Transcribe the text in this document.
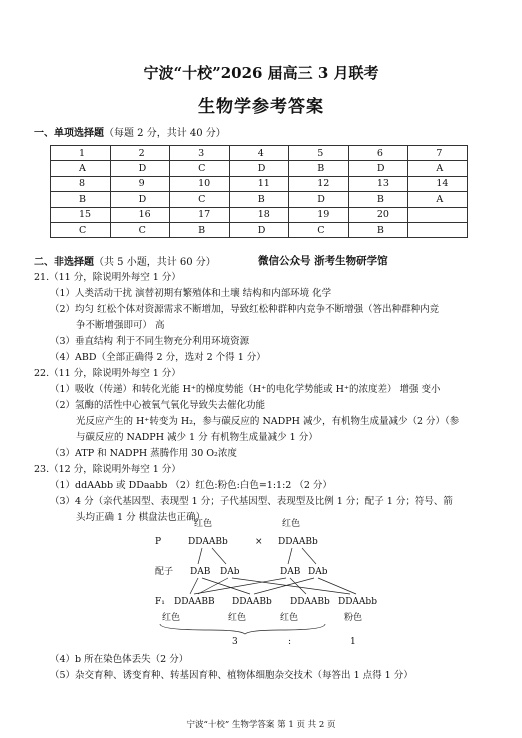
宁波“十校”2026 届高三 3 月联考
生物学参考答案
一、单项选择题（每题 2 分，共计 40 分）
1	2	3	4	5	6	7
A	D	C	D	B	D	A
8	9	10	11	12	13	14
B	D	C	B	D	B	A
15	16	17	18	19	20	
C	C	B	D	C	B	
二、非选择题（共 5 小题，共计 60 分）	微信公众号 浙考生物研学馆
21.（11 分，除说明外每空 1 分）
（1）人类活动干扰 演替初期有繁殖体和土壤 结构和内部环境 化学
（2）均匀 红松个体对资源需求不断增加，导致红松种群种内竞争不断增强（答出种群种内竞
争不断增强即可） 高
（3）垂直结构 利于不同生物充分利用环境资源
（4）ABD（全部正确得 2 分，选对 2 个得 1 分）
22.（11 分，除说明外每空 1 分）
（1）吸收（传递）和转化光能 H⁺的梯度势能（H⁺的电化学势能或 H⁺的浓度差） 增强 变小
（2）氢酶的活性中心被氧气氧化导致失去催化功能
光反应产生的 H⁺转变为 H₂，参与碳反应的 NADPH 减少，有机物生成量减少（2 分）（参
与碳反应的 NADPH 减少 1 分 有机物生成量减少 1 分）
（3）ATP 和 NADPH 蒸腾作用 30 O₂浓度
23.（12 分，除说明外每空 1 分）
（1）ddAAbb 或 DDaabb （2）红色:粉色:白色=1:1:2 （2 分）
（3）4 分（亲代基因型、表现型 1 分；子代基因型、表现型及比例 1 分；配子 1 分；符号、箭
头均正确 1 分 棋盘法也正确）
红色	红色
P	DDAABb	× DDAABb
配子 DAB DAb	DAB DAb
F₁ DDAABB DDAABb DDAABb DDAAbb
红色	红色	红色	粉色
3	:	1
（4）b 所在染色体丢失（2 分）
（5）杂交育种、诱变育种、转基因育种、植物体细胞杂交技术（每答出 1 点得 1 分）
宁波“十校” 生物学答案 第 1 页 共 2 页
